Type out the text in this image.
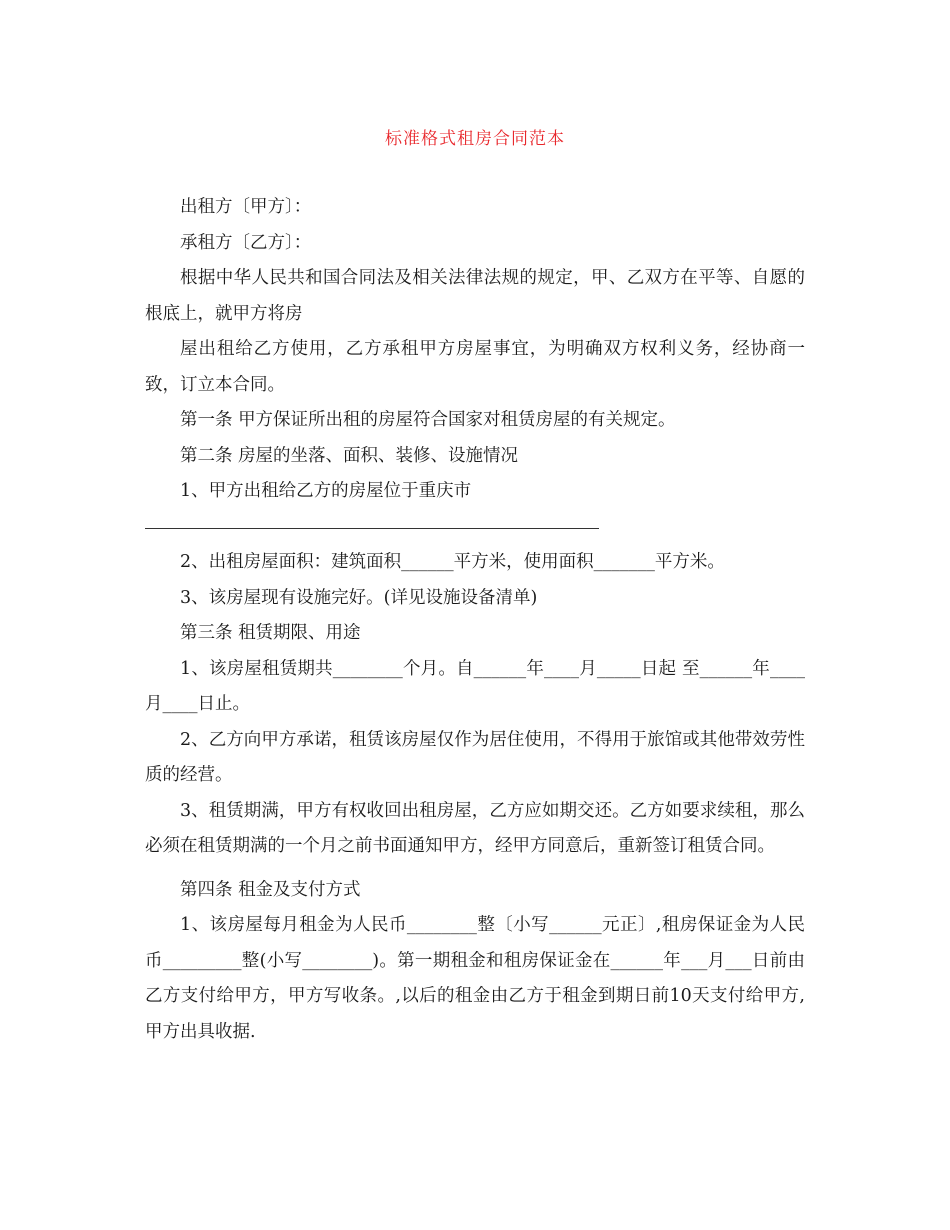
标准格式租房合同范本

出租方〔甲方〕：

承租方〔乙方〕：

根据中华人民共和国合同法及相关法律法规的规定，甲、乙双方在平等、自愿的根底上，就甲方将房

屋出租给乙方使用，乙方承租甲方房屋事宜，为明确双方权利义务，经协商一致，订立本合同。

第一条 甲方保证所出租的房屋符合国家对租赁房屋的有关规定。

第二条 房屋的坐落、面积、装修、设施情况

1、甲方出租给乙方的房屋位于重庆市

2、出租房屋面积：建筑面积______平方米，使用面积_______平方米。

3、该房屋现有设施完好。(详见设施设备清单)

第三条 租赁期限、用途

1、该房屋租赁期共________个月。自______年____月_____日起 至______年____月____日止。

2、乙方向甲方承诺，租赁该房屋仅作为居住使用，不得用于旅馆或其他带效劳性质的经营。

3、租赁期满，甲方有权收回出租房屋，乙方应如期交还。乙方如要求续租，那么必须在租赁期满的一个月之前书面通知甲方，经甲方同意后，重新签订租赁合同。

第四条 租金及支付方式

1、该房屋每月租金为人民币________整〔小写______元正〕,租房保证金为人民币_________整(小写________)。第一期租金和租房保证金在______年___月___日前由乙方支付给甲方，甲方写收条。,以后的租金由乙方于租金到期日前10天支付给甲方,甲方出具收据.
